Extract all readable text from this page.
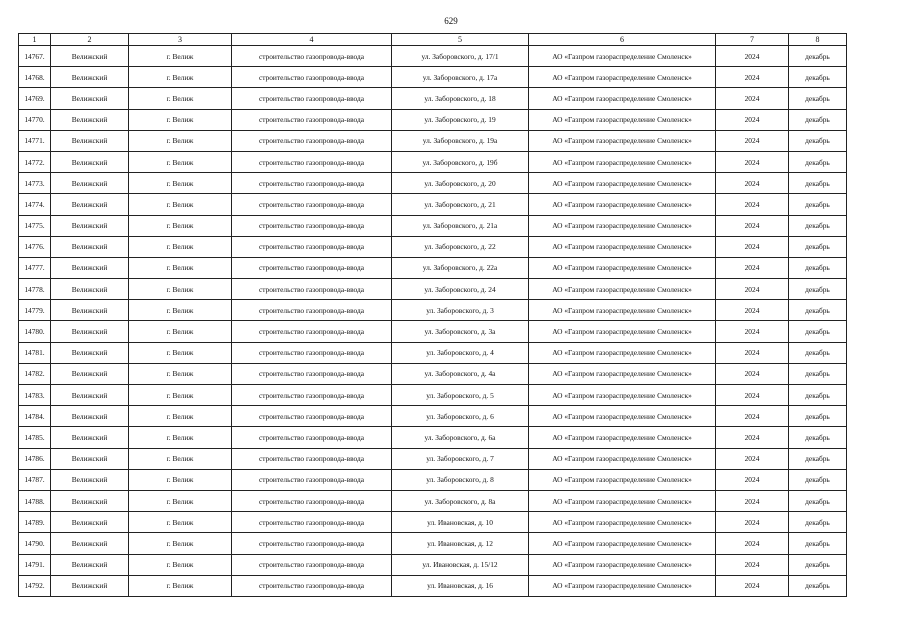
629
1	2	3	4	5	6	7	8
14767.	Велижский	г. Велиж	строительство газопровода-ввода	ул. Заборовского, д. 17/1	АО «Газпром газораспределение Смоленск»	2024	декабрь
14768.	Велижский	г. Велиж	строительство газопровода-ввода	ул. Заборовского, д. 17а	АО «Газпром газораспределение Смоленск»	2024	декабрь
14769.	Велижский	г. Велиж	строительство газопровода-ввода	ул. Заборовского, д. 18	АО «Газпром газораспределение Смоленск»	2024	декабрь
14770.	Велижский	г. Велиж	строительство газопровода-ввода	ул. Заборовского, д. 19	АО «Газпром газораспределение Смоленск»	2024	декабрь
14771.	Велижский	г. Велиж	строительство газопровода-ввода	ул. Заборовского, д. 19а	АО «Газпром газораспределение Смоленск»	2024	декабрь
14772.	Велижский	г. Велиж	строительство газопровода-ввода	ул. Заборовского, д. 19б	АО «Газпром газораспределение Смоленск»	2024	декабрь
14773.	Велижский	г. Велиж	строительство газопровода-ввода	ул. Заборовского, д. 20	АО «Газпром газораспределение Смоленск»	2024	декабрь
14774.	Велижский	г. Велиж	строительство газопровода-ввода	ул. Заборовского, д. 21	АО «Газпром газораспределение Смоленск»	2024	декабрь
14775.	Велижский	г. Велиж	строительство газопровода-ввода	ул. Заборовского, д. 21а	АО «Газпром газораспределение Смоленск»	2024	декабрь
14776.	Велижский	г. Велиж	строительство газопровода-ввода	ул. Заборовского, д. 22	АО «Газпром газораспределение Смоленск»	2024	декабрь
14777.	Велижский	г. Велиж	строительство газопровода-ввода	ул. Заборовского, д. 22а	АО «Газпром газораспределение Смоленск»	2024	декабрь
14778.	Велижский	г. Велиж	строительство газопровода-ввода	ул. Заборовского, д. 24	АО «Газпром газораспределение Смоленск»	2024	декабрь
14779.	Велижский	г. Велиж	строительство газопровода-ввода	ул. Заборовского, д. 3	АО «Газпром газораспределение Смоленск»	2024	декабрь
14780.	Велижский	г. Велиж	строительство газопровода-ввода	ул. Заборовского, д. 3а	АО «Газпром газораспределение Смоленск»	2024	декабрь
14781.	Велижский	г. Велиж	строительство газопровода-ввода	ул. Заборовского, д. 4	АО «Газпром газораспределение Смоленск»	2024	декабрь
14782.	Велижский	г. Велиж	строительство газопровода-ввода	ул. Заборовского, д. 4а	АО «Газпром газораспределение Смоленск»	2024	декабрь
14783.	Велижский	г. Велиж	строительство газопровода-ввода	ул. Заборовского, д. 5	АО «Газпром газораспределение Смоленск»	2024	декабрь
14784.	Велижский	г. Велиж	строительство газопровода-ввода	ул. Заборовского, д. 6	АО «Газпром газораспределение Смоленск»	2024	декабрь
14785.	Велижский	г. Велиж	строительство газопровода-ввода	ул. Заборовского, д. 6а	АО «Газпром газораспределение Смоленск»	2024	декабрь
14786.	Велижский	г. Велиж	строительство газопровода-ввода	ул. Заборовского, д. 7	АО «Газпром газораспределение Смоленск»	2024	декабрь
14787.	Велижский	г. Велиж	строительство газопровода-ввода	ул. Заборовского, д. 8	АО «Газпром газораспределение Смоленск»	2024	декабрь
14788.	Велижский	г. Велиж	строительство газопровода-ввода	ул. Заборовского, д. 8а	АО «Газпром газораспределение Смоленск»	2024	декабрь
14789.	Велижский	г. Велиж	строительство газопровода-ввода	ул. Ивановская, д. 10	АО «Газпром газораспределение Смоленск»	2024	декабрь
14790.	Велижский	г. Велиж	строительство газопровода-ввода	ул. Ивановская, д. 12	АО «Газпром газораспределение Смоленск»	2024	декабрь
14791.	Велижский	г. Велиж	строительство газопровода-ввода	ул. Ивановская, д. 15/12	АО «Газпром газораспределение Смоленск»	2024	декабрь
14792.	Велижский	г. Велиж	строительство газопровода-ввода	ул. Ивановская, д. 16	АО «Газпром газораспределение Смоленск»	2024	декабрь
